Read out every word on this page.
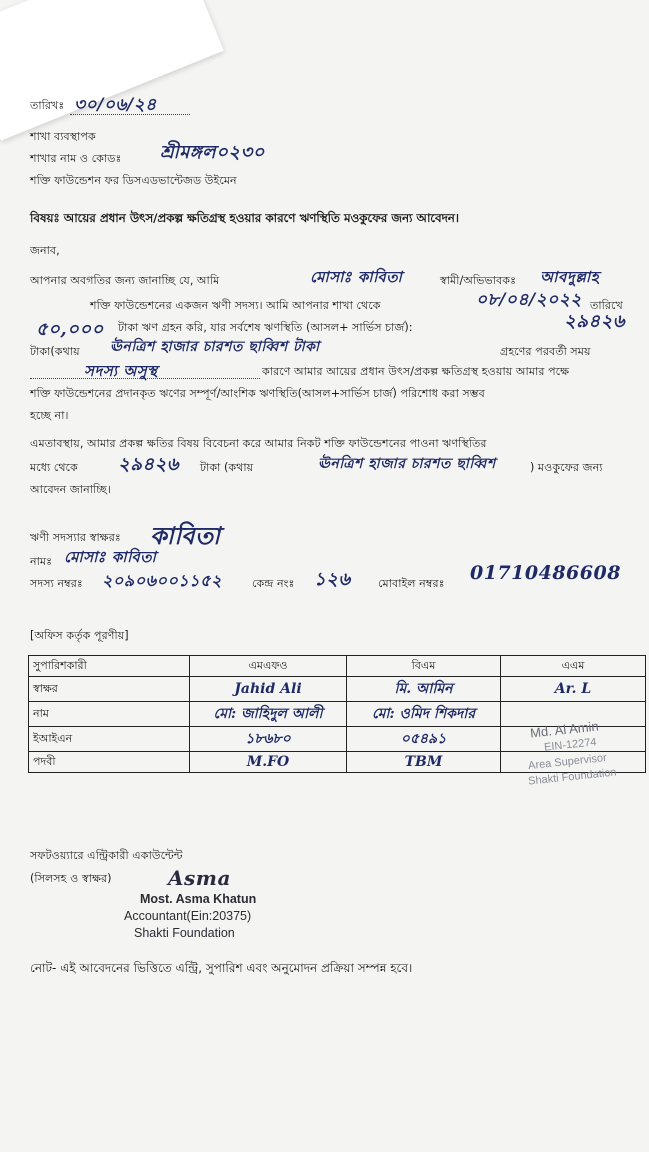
তারিখঃ ৩০/০৬/২৪
শাখা ব্যবস্থাপক
শাখার নাম ও কোডঃ শ্রীমঙ্গল০২৩০
শক্তি ফাউন্ডেশন ফর ডিসএডভান্টেজড উইমেন
বিষয়ঃ আয়ের প্রধান উৎস/প্রকল্প ক্ষতিগ্রস্থ হওয়ার কারণে ঋণস্থিতি মওকুফের জন্য আবেদন।
জনাব,
আপনার অবগতির জন্য জানাচ্ছি যে, আমি	মোসাঃ কাবিতা	স্বামী/অভিভাবকঃ আবদুল্লাহ
শক্তি ফাউন্ডেশনের একজন ঋণী সদস্য। আমি আপনার শাখা থেকে	০৮/০৪/২০২২ তারিখে
৫০,০০০ টাকা ঋণ গ্রহন করি, যার সর্বশেষ ঋণস্থিতি (আসল+ সার্ভিস চার্জ):	২৯৪২৬
টাকা(কথায় ঊনত্রিশ হাজার চারশত ছাব্বিশ টাকা	গ্রহণের পরবর্তী সময়
সদস্য অসুস্থ	কারণে আমার আয়ের প্রধান উৎস/প্রকল্প ক্ষতিগ্রস্থ হওয়ায় আমার পক্ষে
শক্তি ফাউন্ডেশনের প্রদানকৃত ঋণের সম্পূর্ণ/আংশিক ঋণস্থিতি(আসল+সার্ভিস চার্জ) পরিশোধ করা সম্ভব
হচ্ছে না।
এমতাবস্থায়, আমার প্রকল্প ক্ষতির বিষয় বিবেচনা করে আমার নিকট শক্তি ফাউন্ডেশনের পাওনা ঋণস্থিতির
মধ্যে থেকে ২৯৪২৬ টাকা (কথায়	ঊনত্রিশ হাজার চারশত ছাব্বিশ	) মওকুফের জন্য
আবেদন জানাচ্ছি।
ঋণী সদস্যার স্বাক্ষরঃ কাবিতা
নামঃ মোসাঃ কাবিতা
সদস্য নম্বরঃ ২০৯০৬০০১১৫২	কেন্দ্র নংঃ ১২৬ মোবাইল নম্বরঃ 01710486608
[অফিস কর্তৃক পূরণীয়]
সুপারিশকারী	এমএফও	বিএম	এএম
স্বাক্ষর	Jahid Ali	মি. আমিন	Ar. L
নাম	মো: জাহিদুল আলী	মো: ওমিদ শিকদার	
ইআইএন	১৮৬৮০	০৫৪৯১	
পদবী	M.FO	TBM	
Md. Al Amin
EIN-12274
Area Supervisor
Shakti Foundation
সফটওয়্যারে এন্ট্রিকারী একাউন্টেন্ট
(সিলসহ ও স্বাক্ষর)	Asma
Most. Asma Khatun
Accountant(Ein:20375)
Shakti Foundation
নোট- এই আবেদনের ভিত্তিতে এন্ট্রি, সুপারিশ এবং অনুমোদন প্রক্রিয়া সম্পন্ন হবে।
